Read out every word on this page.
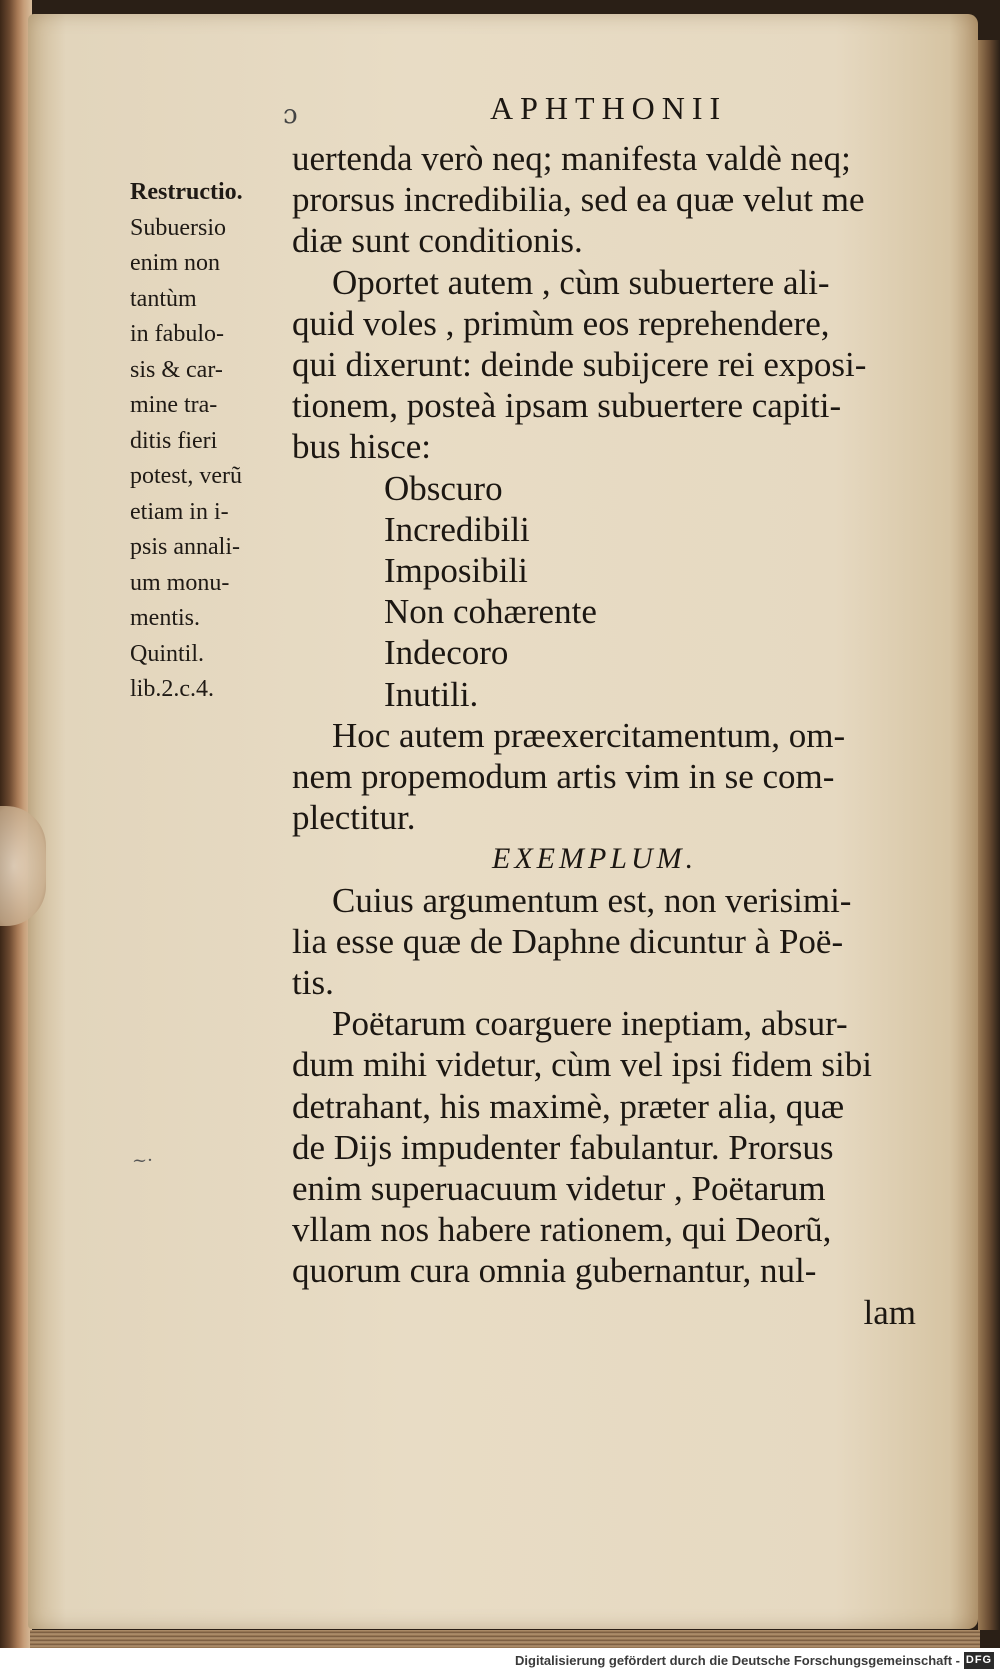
ɔ	APHTHONII
Restructio.
Subuersio
enim non
tantùm
in fabulo-
sis & car-
mine tra-
ditis fieri
potest, verũ
etiam in i-
psis annali-
um monu-
mentis.
Quintil.
lib.2.c.4.
uertenda verò neq; manifesta valdè neq;
prorsus incredibilia, sed ea quæ velut me
diæ sunt conditionis.
Oportet autem , cùm subuertere ali-
quid voles , primùm eos reprehendere,
qui dixerunt: deinde subijcere rei exposi-
tionem, posteà ipsam subuertere capiti-
bus hisce:
Obscuro
Incredibili
Imposibili
Non cohærente
Indecoro
Inutili.
Hoc autem præexercitamentum, om-
nem propemodum artis vim in se com-
plectitur.
EXEMPLUM.
Cuius argumentum est, non verisimi-
lia esse quæ de Daphne dicuntur à Poë-
tis.
Poëtarum coarguere ineptiam, absur-
dum mihi videtur, cùm vel ipsi fidem sibi
detrahant, his maximè, præter alia, quæ
de Dijs impudenter fabulantur. Prorsus
enim superuacuum videtur , Poëtarum
vllam nos habere rationem, qui Deorũ,
quorum cura omnia gubernantur, nul-
lam
~·
Digitalisierung gefördert durch die Deutsche Forschungsgemeinschaft - DFG
